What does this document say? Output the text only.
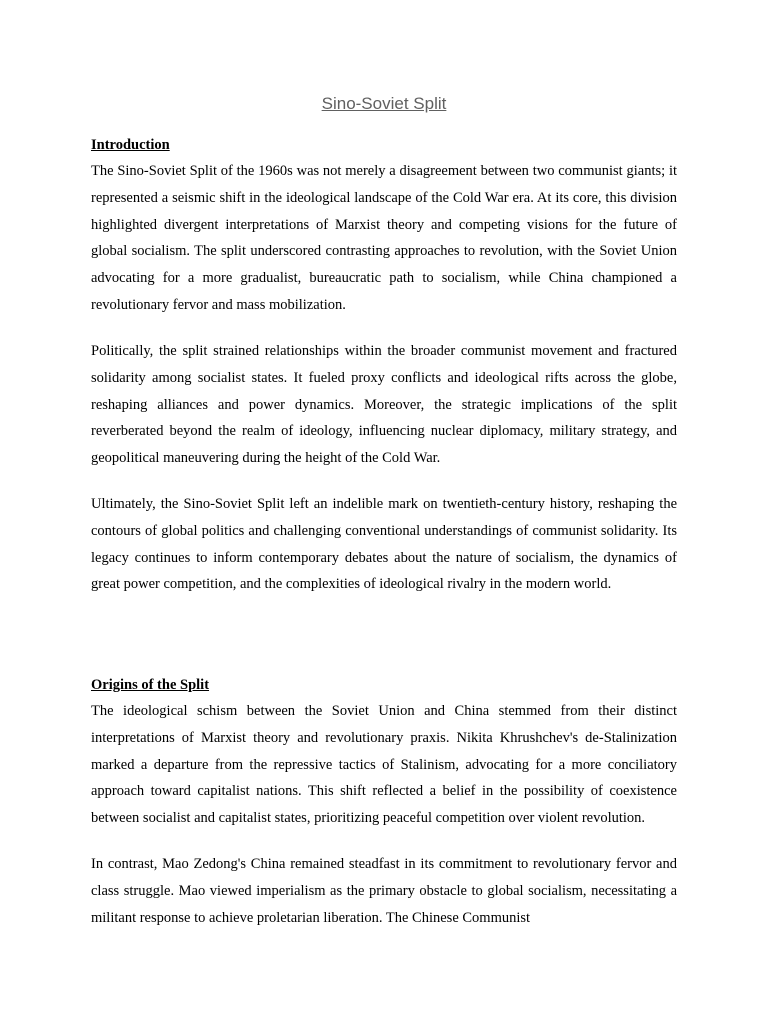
Sino-Soviet Split
Introduction

The Sino-Soviet Split of the 1960s was not merely a disagreement between two communist giants; it represented a seismic shift in the ideological landscape of the Cold War era. At its core, this division highlighted divergent interpretations of Marxist theory and competing visions for the future of global socialism. The split underscored contrasting approaches to revolution, with the Soviet Union advocating for a more gradualist, bureaucratic path to socialism, while China championed a revolutionary fervor and mass mobilization.

Politically, the split strained relationships within the broader communist movement and fractured solidarity among socialist states. It fueled proxy conflicts and ideological rifts across the globe, reshaping alliances and power dynamics. Moreover, the strategic implications of the split reverberated beyond the realm of ideology, influencing nuclear diplomacy, military strategy, and geopolitical maneuvering during the height of the Cold War.

Ultimately, the Sino-Soviet Split left an indelible mark on twentieth-century history, reshaping the contours of global politics and challenging conventional understandings of communist solidarity. Its legacy continues to inform contemporary debates about the nature of socialism, the dynamics of great power competition, and the complexities of ideological rivalry in the modern world.

Origins of the Split

The ideological schism between the Soviet Union and China stemmed from their distinct interpretations of Marxist theory and revolutionary praxis. Nikita Khrushchev's de-Stalinization marked a departure from the repressive tactics of Stalinism, advocating for a more conciliatory approach toward capitalist nations. This shift reflected a belief in the possibility of coexistence between socialist and capitalist states, prioritizing peaceful competition over violent revolution.

In contrast, Mao Zedong's China remained steadfast in its commitment to revolutionary fervor and class struggle. Mao viewed imperialism as the primary obstacle to global socialism, necessitating a militant response to achieve proletarian liberation. The Chinese Communist
